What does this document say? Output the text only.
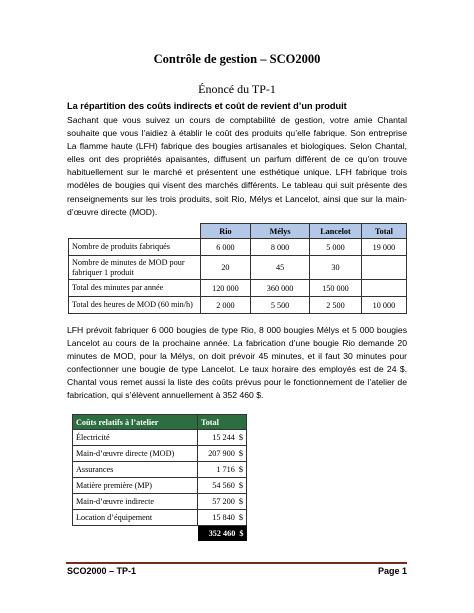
Contrôle de gestion – SCO2000
Énoncé du TP-1
La répartition des coûts indirects et coût de revient d’un produit

Sachant que vous suivez un cours de comptabilité de gestion, votre amie Chantal souhaite que vous l’aidiez à établir le coût des produits qu’elle fabrique. Son entreprise La flamme haute (LFH) fabrique des bougies artisanales et biologiques. Selon Chantal, elles ont des propriétés apaisantes, diffusent un parfum différent de ce qu’on trouve habituellement sur le marché et présentent une esthétique unique. LFH fabrique trois modèles de bougies qui visent des marchés différents. Le tableau qui suit présente des renseignements sur les trois produits, soit Rio, Mélys et Lancelot, ainsi que sur la main-d’œuvre directe (MOD).

	Rio	Mélys	Lancelot	Total
Nombre de produits fabriqués	6 000	8 000	5 000	19 000
Nombre de minutes de MOD pour fabriquer 1 produit	20	45	30	
Total des minutes par année	120 000	360 000	150 000	
Total des heures de MOD (60 min/h)	2 000	5 500	2 500	10 000

LFH prévoit fabriquer 6 000 bougies de type Rio, 8 000 bougies Mélys et 5 000 bougies Lancelot au cours de la prochaine année. La fabrication d’une bougie Rio demande 20 minutes de MOD, pour la Mélys, on doit prévoir 45 minutes, et il faut 30 minutes pour confectionner une bougie de type Lancelot. Le taux horaire des employés est de 24 $. Chantal vous remet aussi la liste des coûts prévus pour le fonctionnement de l’atelier de fabrication, qui s’élèvent annuellement à 352 460 $.

Coûts relatifs à l’atelier	Total
Électricité	15 244 $
Main-d’œuvre directe (MOD)	207 900 $
Assurances	1 716 $
Matière première (MP)	54 560 $
Main-d’œuvre indirecte	57 200 $
Location d’équipement	15 840 $
	352 460 $
SCO2000 – TP-1	Page 1
